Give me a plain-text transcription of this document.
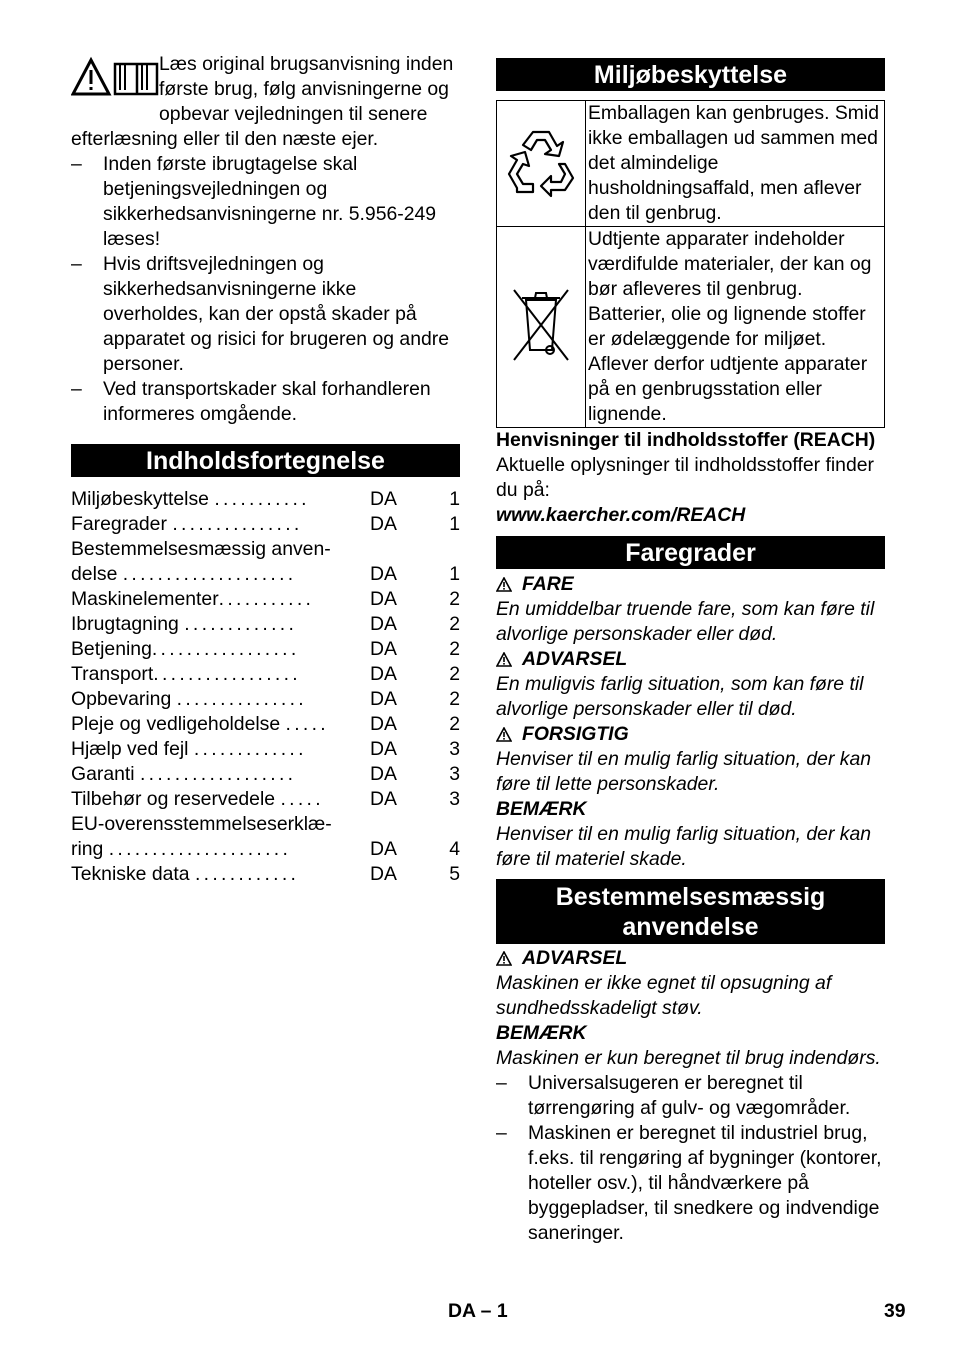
Læs original brugsanvisning inden første brug, følg anvisningerne og opbevar vejledningen til senere efterlæsning eller til den næste ejer.

–	Inden første ibrugtagelse skal betjeningsvejledningen og sikkerhedsanvisningerne nr. 5.956-249 læses!
–	Hvis driftsvejledningen og sikkerhedsanvisningerne ikke overholdes, kan der opstå skader på apparatet og risici for brugeren og andre personer.
–	Ved transportskader skal forhandleren informeres omgående.
Indholdsfortegnelse
Miljøbeskyttelse ...........	DA	1
Faregrader ...............	DA	1
Bestemmelsesmæssig anven-
delse ....................	DA	1
Maskinelementer...........	DA	2
Ibrugtagning .............	DA	2
Betjening.................	DA	2
Transport.................	DA	2
Opbevaring ...............	DA	2
Pleje og vedligeholdelse .....	DA	2
Hjælp ved fejl .............	DA	3
Garanti ..................	DA	3
Tilbehør og reservedele .....	DA	3
EU-overensstemmelseserklæ-
ring .....................	DA	4
Tekniske data ............	DA	5
Miljøbeskyttelse
	Emballagen kan genbruges. Smid ikke emballagen ud sammen med det almindelige husholdningsaffald, men aflever den til genbrug.
	Udtjente apparater indeholder værdifulde materialer, der kan og bør afleveres til genbrug. Batterier, olie og lignende stoffer er ødelæggende for miljøet. Aflever derfor udtjente apparater på en genbrugsstation eller lignende.

Henvisninger til indholdsstoffer (REACH)

Aktuelle oplysninger til indholdsstoffer finder du på:

www.kaercher.com/REACH

Faregrader
FARE

En umiddelbar truende fare, som kan føre til alvorlige personskader eller død.

ADVARSEL

En muligvis farlig situation, som kan føre til alvorlige personskader eller til død.

FORSIGTIG

Henviser til en mulig farlig situation, der kan føre til lette personskader.

BEMÆRK

Henviser til en mulig farlig situation, der kan føre til materiel skade.

Bestemmelsesmæssig
anvendelse
ADVARSEL

Maskinen er ikke egnet til opsugning af sundhedsskadeligt støv.

BEMÆRK

Maskinen er kun beregnet til brug indendørs.

–	Universalsugeren er beregnet til tørrengøring af gulv- og vægområder.
–	Maskinen er beregnet til industriel brug, f.eks. til rengøring af bygninger (kontorer, hoteller osv.), til håndværkere på byggepladser, til snedkere og indvendige saneringer.
DA – 1	39
